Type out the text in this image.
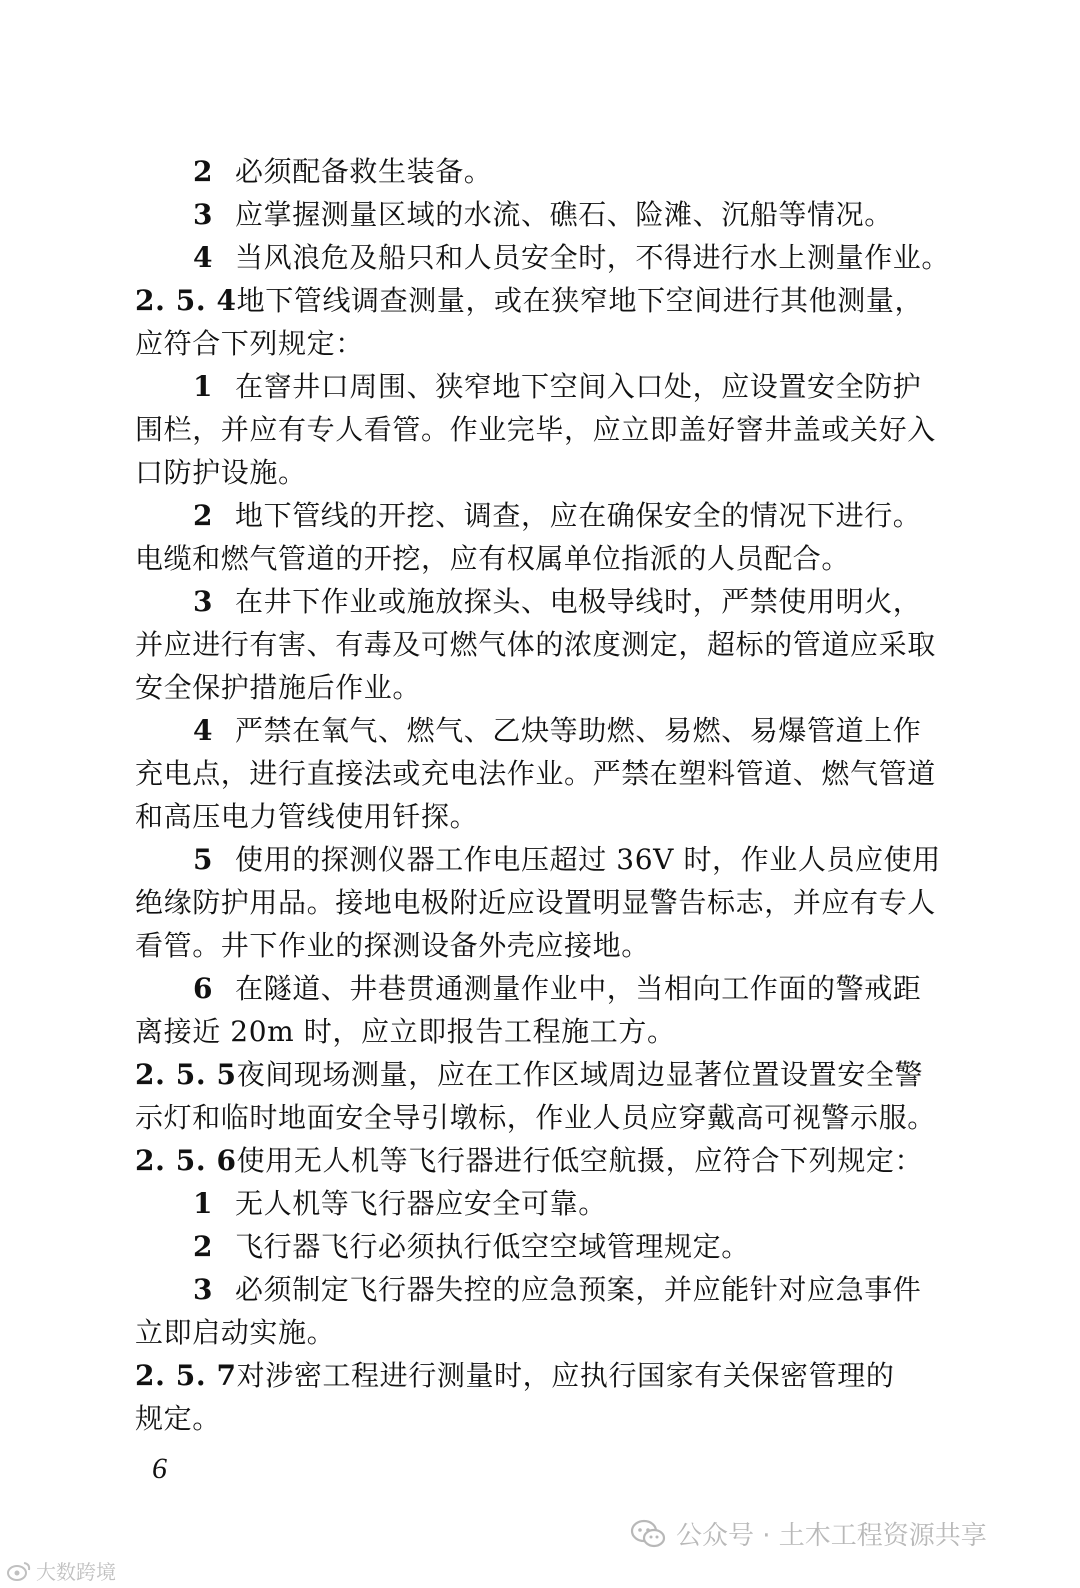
2 必须配备救生装备。
3 应掌握测量区域的水流、礁石、险滩、沉船等情况。
4 当风浪危及船只和人员安全时，不得进行水上测量作业。
2. 5. 4地下管线调查测量，或在狭窄地下空间进行其他测量，
应符合下列规定：
1 在窨井口周围、狭窄地下空间入口处，应设置安全防护
围栏，并应有专人看管。作业完毕，应立即盖好窨井盖或关好入
口防护设施。
2 地下管线的开挖、调查，应在确保安全的情况下进行。
电缆和燃气管道的开挖，应有权属单位指派的人员配合。
3 在井下作业或施放探头、电极导线时，严禁使用明火，
并应进行有害、有毒及可燃气体的浓度测定，超标的管道应采取
安全保护措施后作业。
4 严禁在氧气、燃气、乙炔等助燃、易燃、易爆管道上作
充电点，进行直接法或充电法作业。严禁在塑料管道、燃气管道
和高压电力管线使用钎探。
5 使用的探测仪器工作电压超过 36V 时，作业人员应使用
绝缘防护用品。接地电极附近应设置明显警告标志，并应有专人
看管。井下作业的探测设备外壳应接地。
6 在隧道、井巷贯通测量作业中，当相向工作面的警戒距
离接近 20m 时，应立即报告工程施工方。
2. 5. 5夜间现场测量，应在工作区域周边显著位置设置安全警
示灯和临时地面安全导引墩标，作业人员应穿戴高可视警示服。
2. 5. 6使用无人机等飞行器进行低空航摄，应符合下列规定：
1 无人机等飞行器应安全可靠。
2 飞行器飞行必须执行低空空域管理规定。
3 必须制定飞行器失控的应急预案，并应能针对应急事件
立即启动实施。
2. 5. 7对涉密工程进行测量时，应执行国家有关保密管理的
规定。
6
公众号 · 土木工程资源共享
大数跨境
